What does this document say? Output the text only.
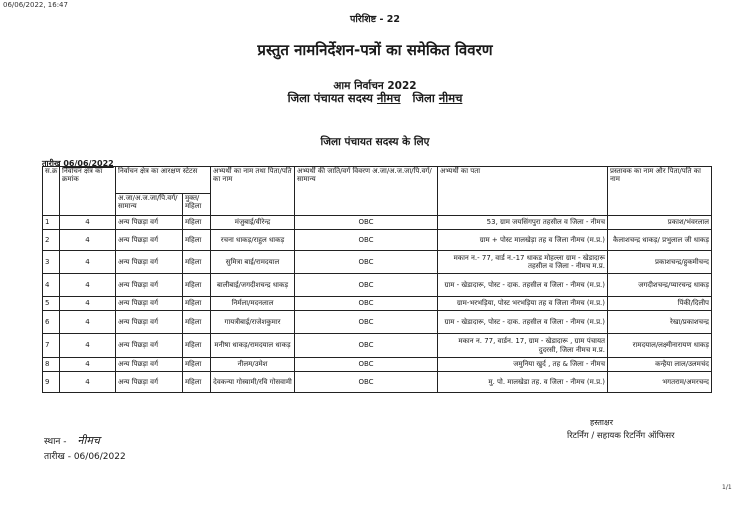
06/06/2022, 16:47
परिशिष्ट - 22
प्रस्तुत नामनिर्देशन-पत्रों का समेकित विवरण
आम निर्वाचन 2022
जिला पंचायत सदस्य नीमच जिला नीमच
जिला पंचायत सदस्य के लिए
तारीख 06/06/2022
स.क्र	निर्वाचन क्षेत्र का क्रमांक	निर्वाचन क्षेत्र का आरक्षण स्टेटस		अभ्यर्थी का नाम तथा पिता/पति का नाम	अभ्यर्थी की जाति/वर्ग विवरण अ.जा/अ.ज.जा/पि.वर्ग/सामान्य	अभ्यर्थी का पता	प्रस्तावक का नाम और पिता/पति का नाम
		अ.जा/अ.ज.जा/पि.वर्ग/सामान्य	मुक्त/ महिला				
1	4	अन्य पिछड़ा वर्ग	महिला	मंजुबाई/वीरेन्द्र	OBC	53, ग्राम जयसिंगपुरा तहसील व जिला - नीमच	प्रकाश/भंवरलाल
2	4	अन्य पिछड़ा वर्ग	महिला	रचना धाकड़/राहुल धाकड़	OBC	ग्राम + पोस्ट मालखेड़ा तह व जिला नीमच (म.प्र.)	कैलाशचन्द्र धाकड़/ प्रभुलाल जी धाकड़
3	4	अन्य पिछड़ा वर्ग	महिला	सुमित्रा बाई/रामदयाल	OBC	मकान न.- 77, वार्ड न.-17 धाकड मोहल्ला ग्राम - खेडादारू तहसील व जिला - नीमच म.प्र.	प्रकाशचन्द्र/हुकमीचन्द
4	4	अन्य पिछड़ा वर्ग	महिला	बालीबाई/जगदीशचन्द्र धाकड़	OBC	ग्राम - खेडादारू, पोस्ट - दाक. तहसील व जिला - नीमच (म.प्र.)	जगदीशचन्द्र/प्यारचन्द्र धाकड़
5	4	अन्य पिछड़ा वर्ग	महिला	निर्मला/मदनलाल	OBC	ग्राम-भरभड़िया, पोस्ट भरभड़िया तह व जिला नीमच (म.प्र.)	पिंकी/दिलीप
6	4	अन्य पिछड़ा वर्ग	महिला	गायत्रीबाई/राजेशकुमार	OBC	ग्राम - खेडादारू, पोस्ट - दाक. तहसील व जिला - नीमच (म.प्र.)	रेखा/प्रकाशचन्द्र
7	4	अन्य पिछड़ा वर्ग	महिला	मनीषा धाकड़/रामदयाल धाकड़	OBC	मकान न. 77, वार्डन. 17, ग्राम - खेडादारू , ग्राम पंचायत दुदरसी, जिला नीमच म.प्र.	रामदयाल/लक्ष्मीनारायण धाकड़
8	4	अन्य पिछड़ा वर्ग	महिला	नीलम/उमेश	OBC	जमुनिया खुर्द , तह & जिला - नीमच	कन्हैया लाल/उलमचंद
9	4	अन्य पिछड़ा वर्ग	महिला	देवकन्या गोस्वामी/रवि गोसवामी	OBC	मु. पो. मालखेडा तह. व जिला - नीमच (म.प्र.)	भगतराम/अमरचन्द
स्थान - नीमच
तारीख - 06/06/2022
हस्ताक्षर
रिटर्निंग / सहायक रिटर्निंग ऑफिसर
1/1
